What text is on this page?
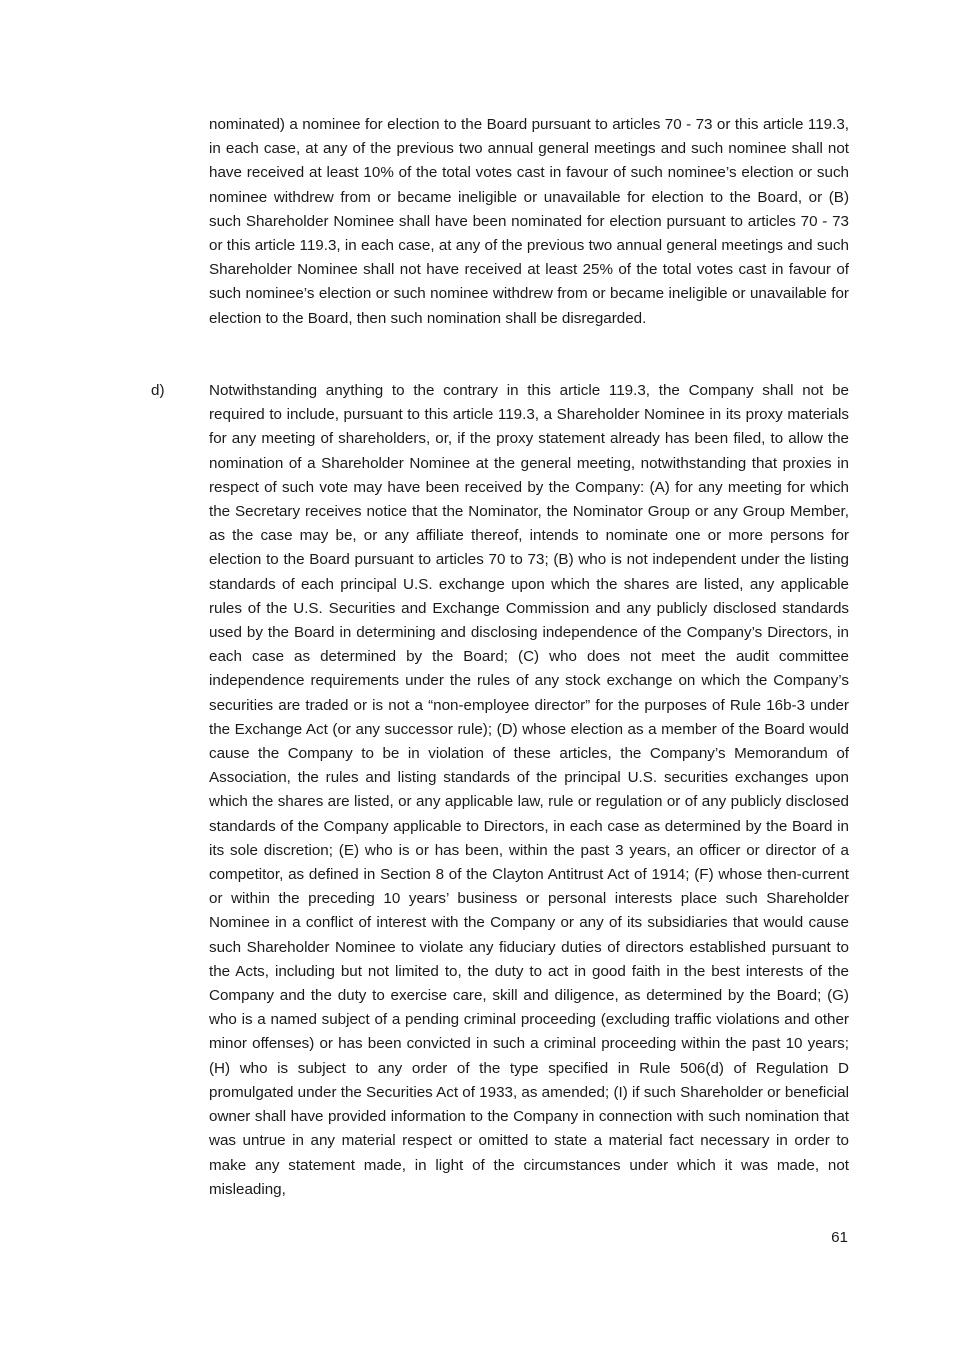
nominated) a nominee for election to the Board pursuant to articles 70 - 73 or this article 119.3, in each case, at any of the previous two annual general meetings and such nominee shall not have received at least 10% of the total votes cast in favour of such nominee’s election or such nominee withdrew from or became ineligible or unavailable for election to the Board, or (B) such Shareholder Nominee shall have been nominated for election pursuant to articles 70 - 73 or this article 119.3, in each case, at any of the previous two annual general meetings and such Shareholder Nominee shall not have received at least 25% of the total votes cast in favour of such nominee’s election or such nominee withdrew from or became ineligible or unavailable for election to the Board, then such nomination shall be disregarded.

d)	Notwithstanding anything to the contrary in this article 119.3, the Company shall not be required to include, pursuant to this article 119.3, a Shareholder Nominee in its proxy materials for any meeting of shareholders, or, if the proxy statement already has been filed, to allow the nomination of a Shareholder Nominee at the general meeting, notwithstanding that proxies in respect of such vote may have been received by the Company: (A) for any meeting for which the Secretary receives notice that the Nominator, the Nominator Group or any Group Member, as the case may be, or any affiliate thereof, intends to nominate one or more persons for election to the Board pursuant to articles 70 to 73; (B) who is not independent under the listing standards of each principal U.S. exchange upon which the shares are listed, any applicable rules of the U.S. Securities and Exchange Commission and any publicly disclosed standards used by the Board in determining and disclosing independence of the Company’s Directors, in each case as determined by the Board; (C) who does not meet the audit committee independence requirements under the rules of any stock exchange on which the Company’s securities are traded or is not a “non-employee director” for the purposes of Rule 16b-3 under the Exchange Act (or any successor rule); (D) whose election as a member of the Board would cause the Company to be in violation of these articles, the Company’s Memorandum of Association, the rules and listing standards of the principal U.S. securities exchanges upon which the shares are listed, or any applicable law, rule or regulation or of any publicly disclosed standards of the Company applicable to Directors, in each case as determined by the Board in its sole discretion; (E) who is or has been, within the past 3 years, an officer or director of a competitor, as defined in Section 8 of the Clayton Antitrust Act of 1914; (F) whose then-current or within the preceding 10 years’ business or personal interests place such Shareholder Nominee in a conflict of interest with the Company or any of its subsidiaries that would cause such Shareholder Nominee to violate any fiduciary duties of directors established pursuant to the Acts, including but not limited to, the duty to act in good faith in the best interests of the Company and the duty to exercise care, skill and diligence, as determined by the Board; (G) who is a named subject of a pending criminal proceeding (excluding traffic violations and other minor offenses) or has been convicted in such a criminal proceeding within the past 10 years; (H) who is subject to any order of the type specified in Rule 506(d) of Regulation D promulgated under the Securities Act of 1933, as amended; (I) if such Shareholder or beneficial owner shall have provided information to the Company in connection with such nomination that was untrue in any material respect or omitted to state a material fact necessary in order to make any statement made, in light of the circumstances under which it was made, not misleading,

61
